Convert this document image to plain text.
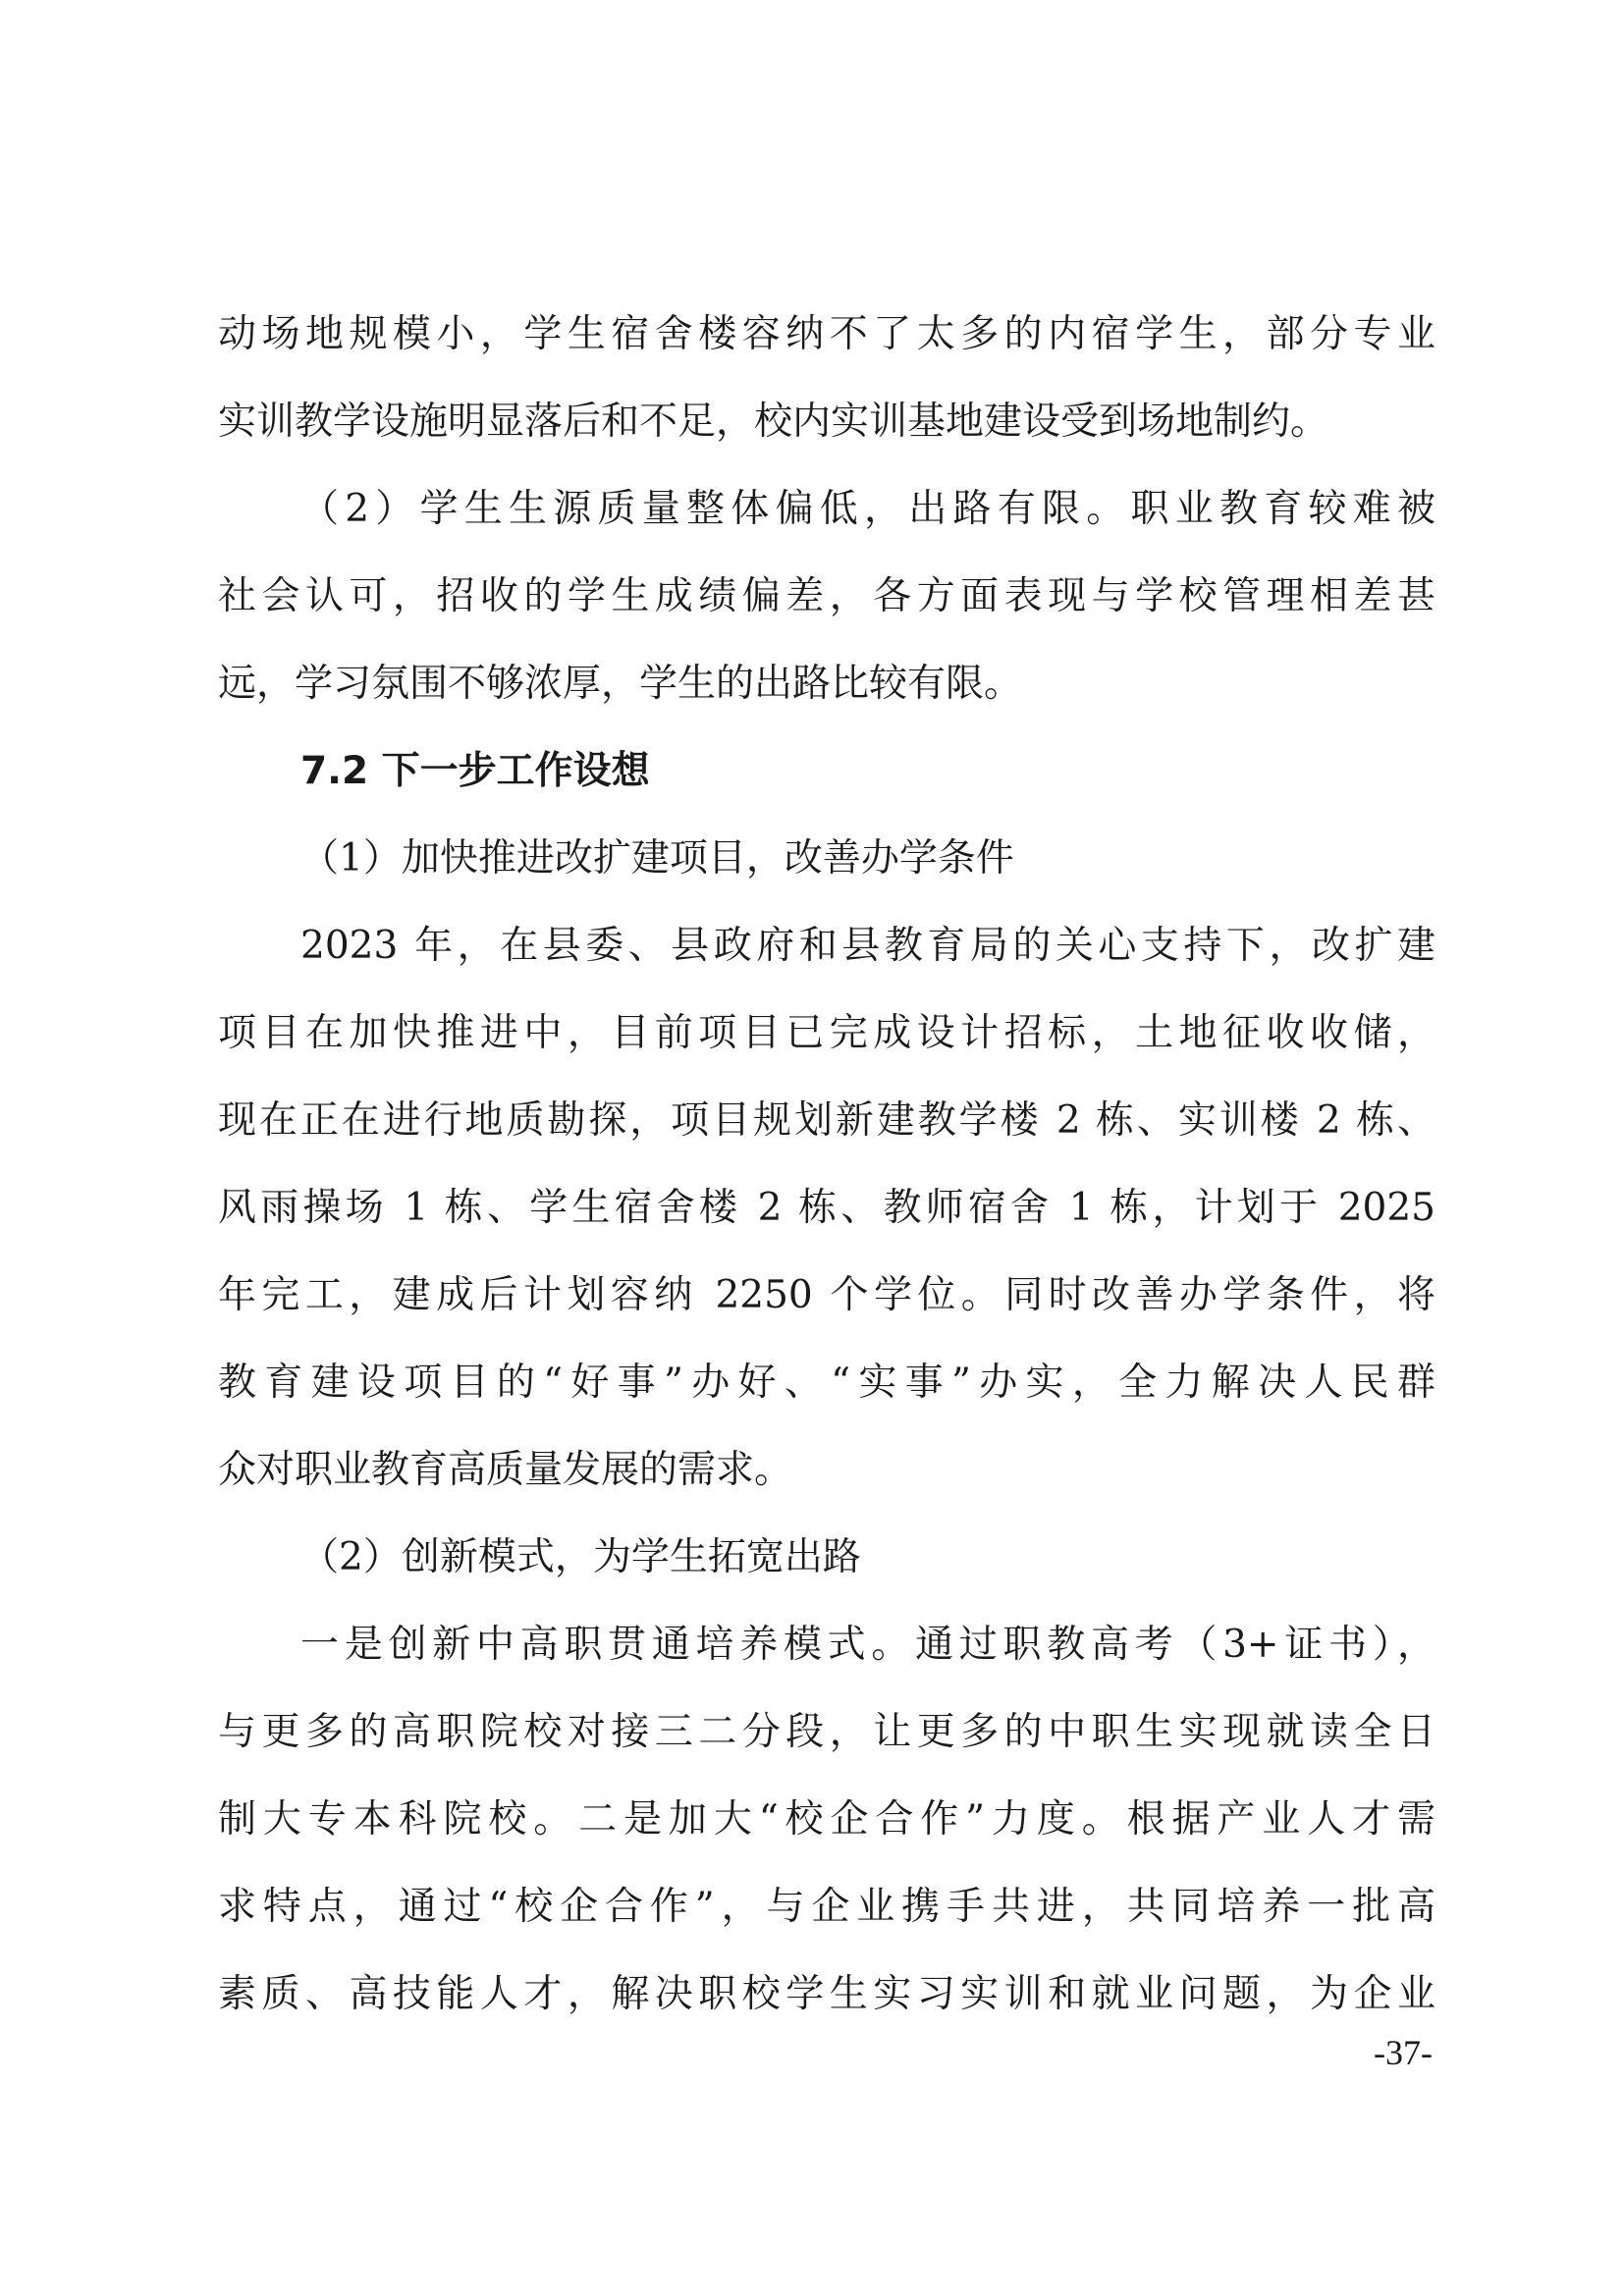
动场地规模小，学生宿舍楼容纳不了太多的内宿学生，部分专业
实训教学设施明显落后和不足，校内实训基地建设受到场地制约。
（2）学生生源质量整体偏低，出路有限。职业教育较难被
社会认可，招收的学生成绩偏差，各方面表现与学校管理相差甚
远，学习氛围不够浓厚，学生的出路比较有限。
7.2 下一步工作设想
（1）加快推进改扩建项目，改善办学条件
2023 年，在县委、县政府和县教育局的关心支持下，改扩建
项目在加快推进中，目前项目已完成设计招标，土地征收收储，
现在正在进行地质勘探，项目规划新建教学楼 2 栋、实训楼 2 栋、
风雨操场 1 栋、学生宿舍楼 2 栋、教师宿舍 1 栋，计划于 2025
年完工，建成后计划容纳 2250 个学位。同时改善办学条件，将
教育建设项目的“好事”办好、“实事”办实，全力解决人民群
众对职业教育高质量发展的需求。
（2）创新模式，为学生拓宽出路
一是创新中高职贯通培养模式。通过职教高考（3+证书），
与更多的高职院校对接三二分段，让更多的中职生实现就读全日
制大专本科院校。二是加大“校企合作”力度。根据产业人才需
求特点，通过“校企合作”，与企业携手共进，共同培养一批高
素质、高技能人才，解决职校学生实习实训和就业问题，为企业
-37-
